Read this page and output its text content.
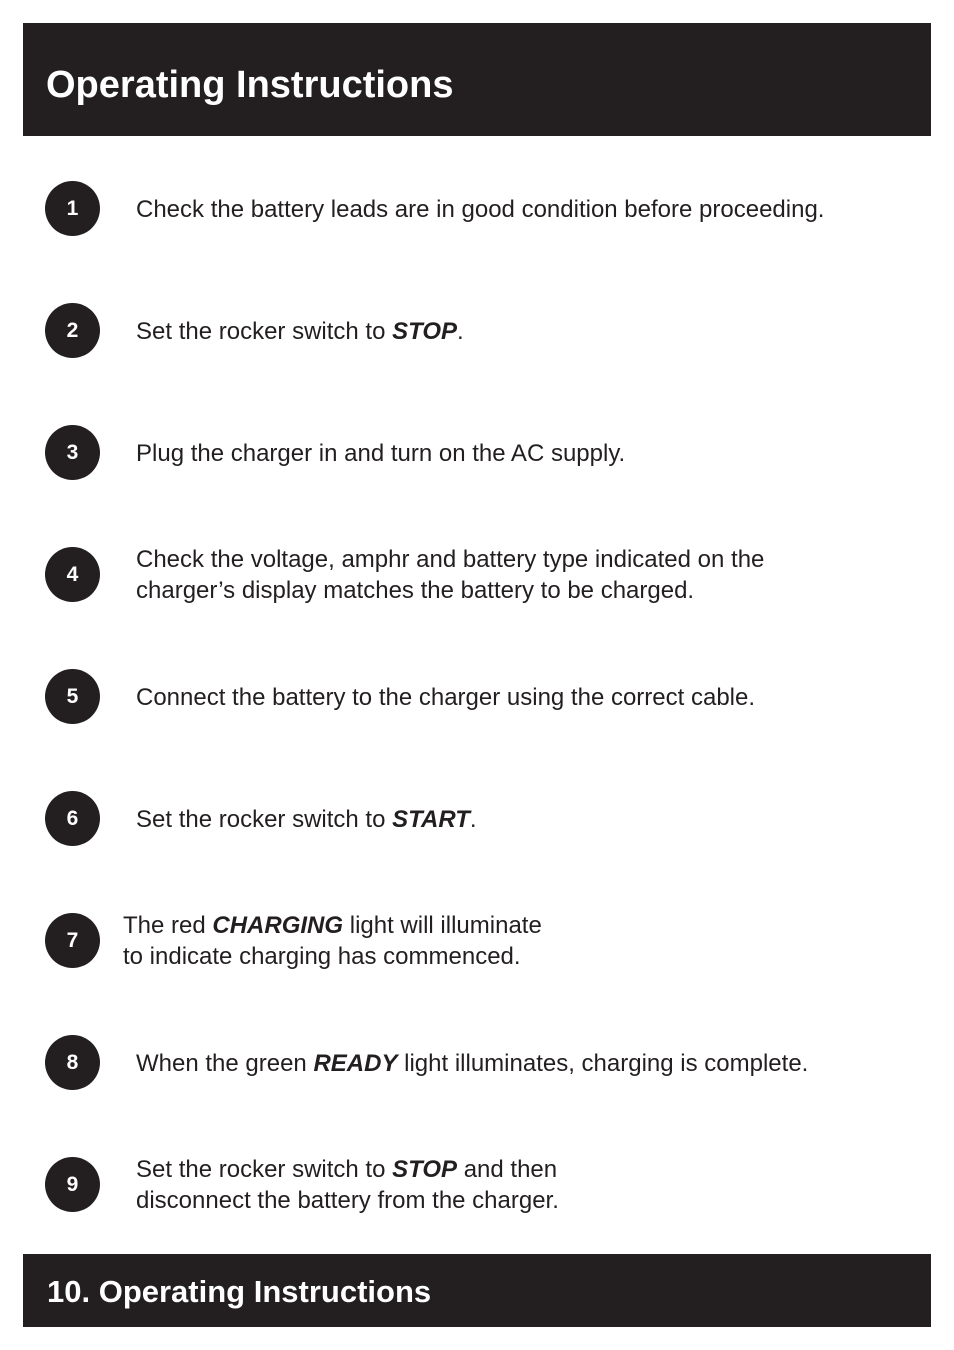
Operating Instructions
1	Check the battery leads are in good condition before proceeding.
2	Set the rocker switch to STOP.
3	Plug the charger in and turn on the AC supply.
4
Check the voltage, amphr and battery type indicated on the
charger’s display matches the battery to be charged.
5	Connect the battery to the charger using the correct cable.
6	Set the rocker switch to START.
7
The red CHARGING light will illuminate
to indicate charging has commenced.
8	When the green READY light illuminates, charging is complete.
9
Set the rocker switch to STOP and then
disconnect the battery from the charger.
10. Operating Instructions
